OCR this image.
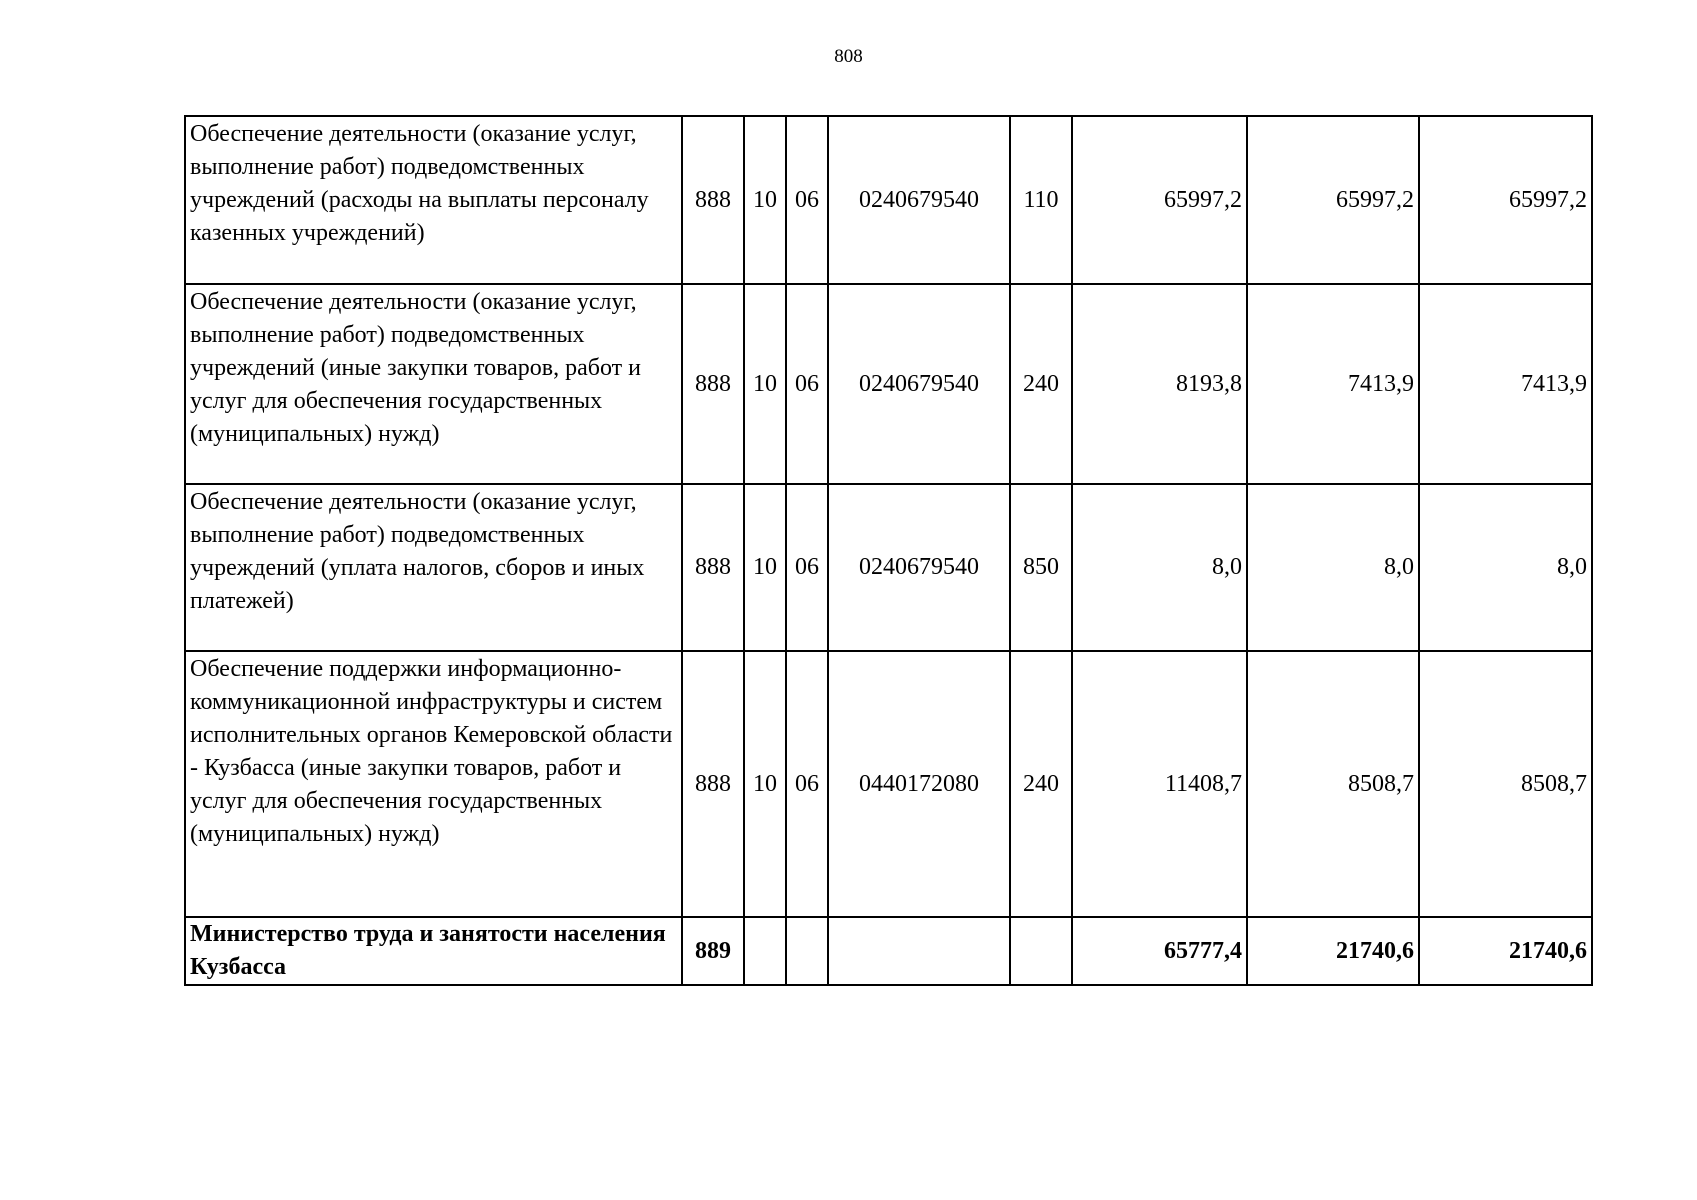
808
Обеспечение деятельности (оказание услуг, выполнение работ) подведомственных учреждений (расходы на выплаты персоналу казенных учреждений)	888	10	06	0240679540	110	65997,2	65997,2	65997,2
Обеспечение деятельности (оказание услуг, выполнение работ) подведомственных учреждений (иные закупки товаров, работ и услуг для обеспечения государственных (муниципальных) нужд)	888	10	06	0240679540	240	8193,8	7413,9	7413,9
Обеспечение деятельности (оказание услуг, выполнение работ) подведомственных учреждений (уплата налогов, сборов и иных платежей)	888	10	06	0240679540	850	8,0	8,0	8,0
Обеспечение поддержки информационно-коммуникационной инфраструктуры и систем исполнительных органов Кемеровской области - Кузбасса (иные закупки товаров, работ и услуг для обеспечения государственных (муниципальных) нужд)	888	10	06	0440172080	240	11408,7	8508,7	8508,7
Министерство труда и занятости населения Кузбасса	889					65777,4	21740,6	21740,6
